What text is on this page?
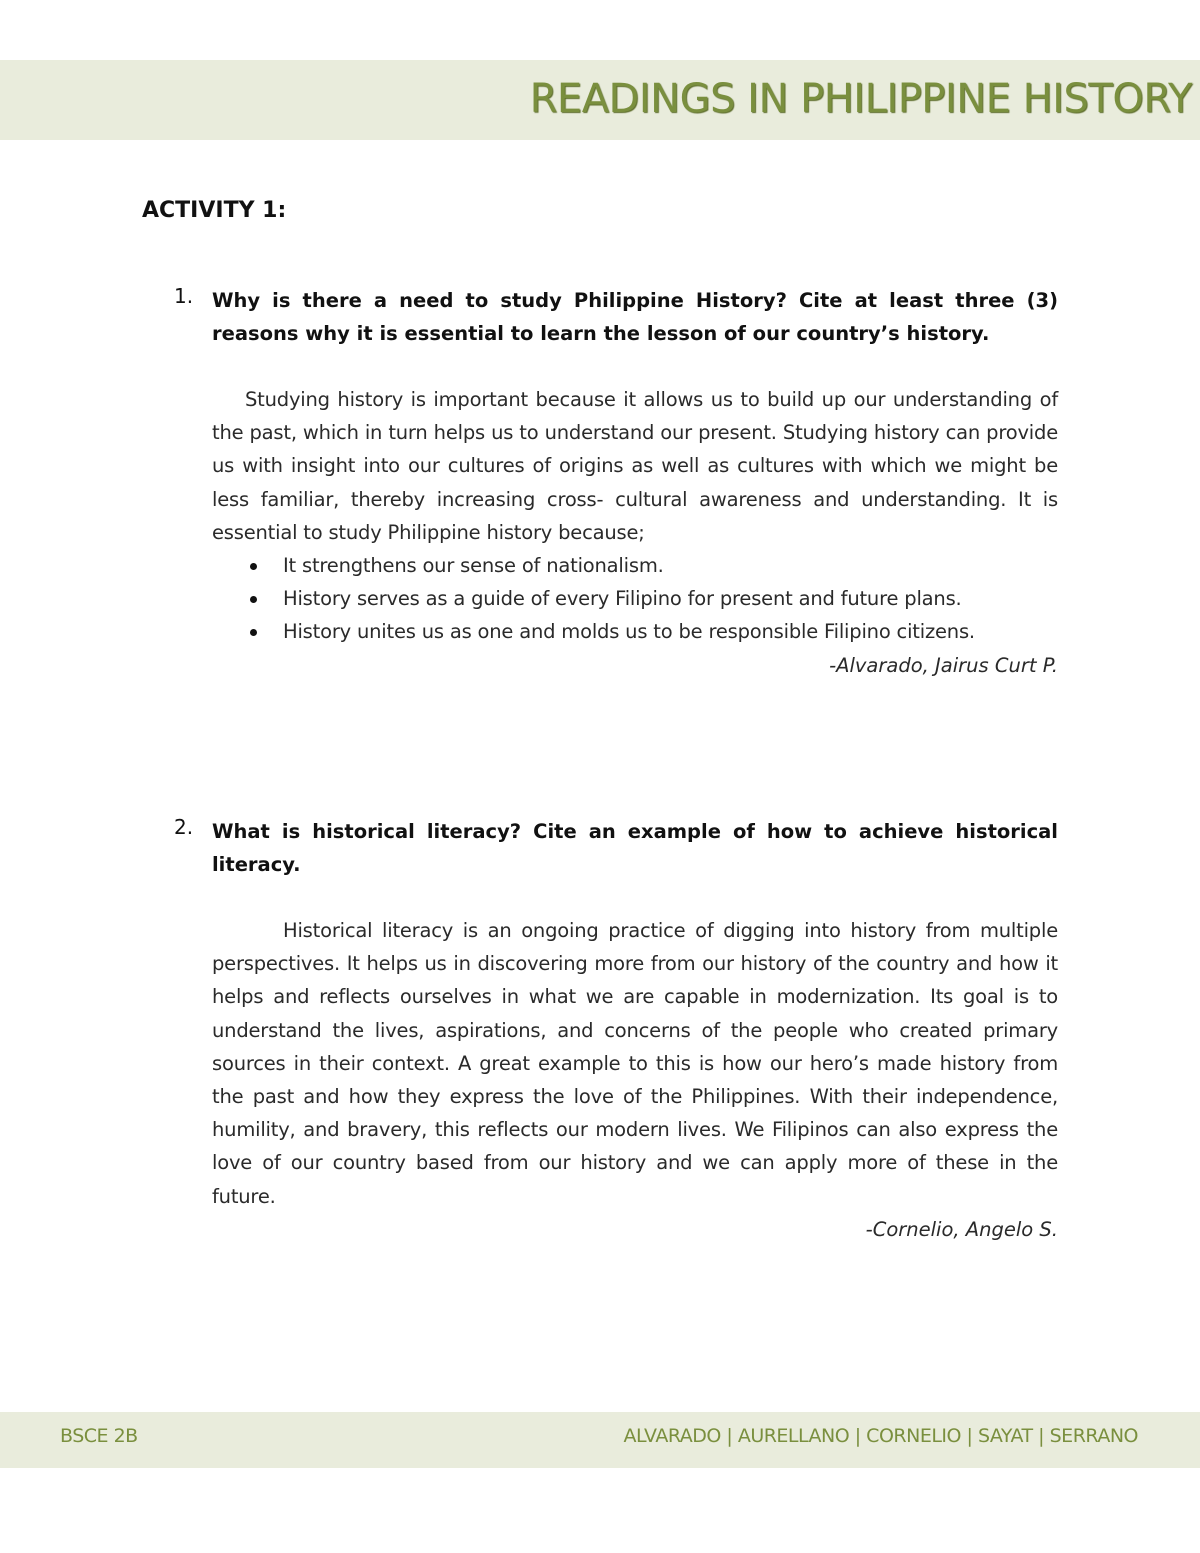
READINGS IN PHILIPPINE HISTORY
ACTIVITY 1:
1. Why is there a need to study Philippine History? Cite at least three (3) reasons why it is essential to learn the lesson of our country’s history.

Studying history is important because it allows us to build up our understanding of the past, which in turn helps us to understand our present. Studying history can provide us with insight into our cultures of origins as well as cultures with which we might be less familiar, thereby increasing cross- cultural awareness and understanding. It is essential to study Philippine history because;

It strengthens our sense of nationalism.
History serves as a guide of every Filipino for present and future plans.
History unites us as one and molds us to be responsible Filipino citizens.

-Alvarado, Jairus Curt P.

2. What is historical literacy? Cite an example of how to achieve historical literacy.

Historical literacy is an ongoing practice of digging into history from multiple perspectives. It helps us in discovering more from our history of the country and how it helps and reflects ourselves in what we are capable in modernization. Its goal is to understand the lives, aspirations, and concerns of the people who created primary sources in their context. A great example to this is how our hero’s made history from the past and how they express the love of the Philippines. With their independence, humility, and bravery, this reflects our modern lives. We Filipinos can also express the love of our country based from our history and we can apply more of these in the future.

-Cornelio, Angelo S.

BSCE 2B	ALVARADO | AURELLANO | CORNELIO | SAYAT | SERRANO
